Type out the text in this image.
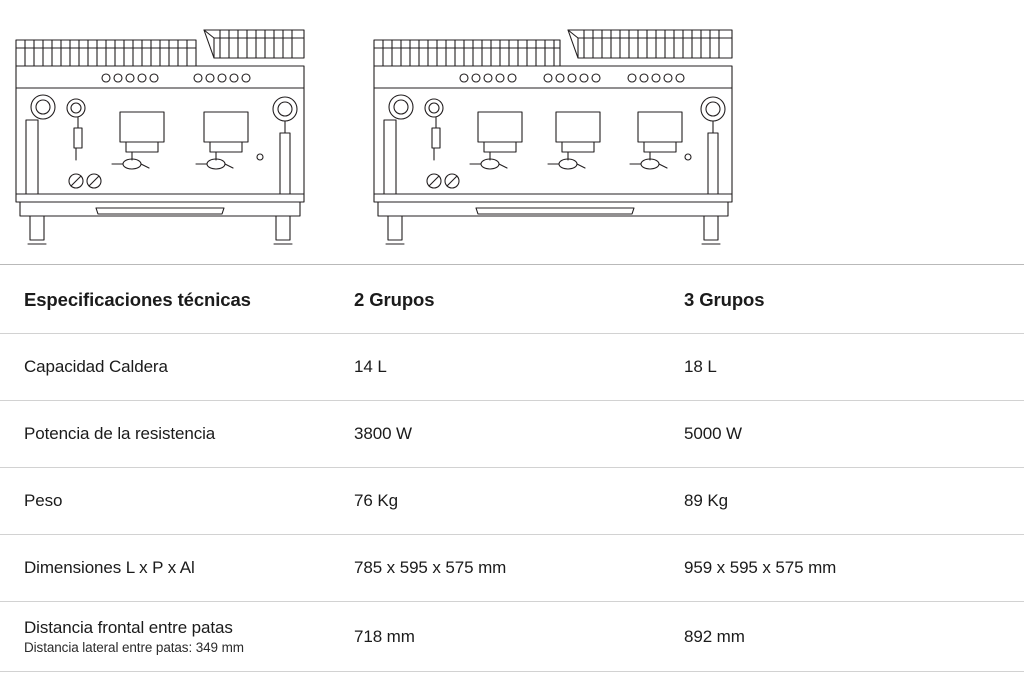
Especificaciones técnicas	2 Grupos	3 Grupos

Capacidad Caldera	14 L	18 L

Potencia de la resistencia	3800 W	5000 W

Peso	76 Kg	89 Kg

Dimensiones L x P x Al	785 x 595 x 575 mm	959 x 595 x 575 mm

Distancia frontal entre patas
Distancia lateral entre patas: 349 mm	718 mm	892 mm
